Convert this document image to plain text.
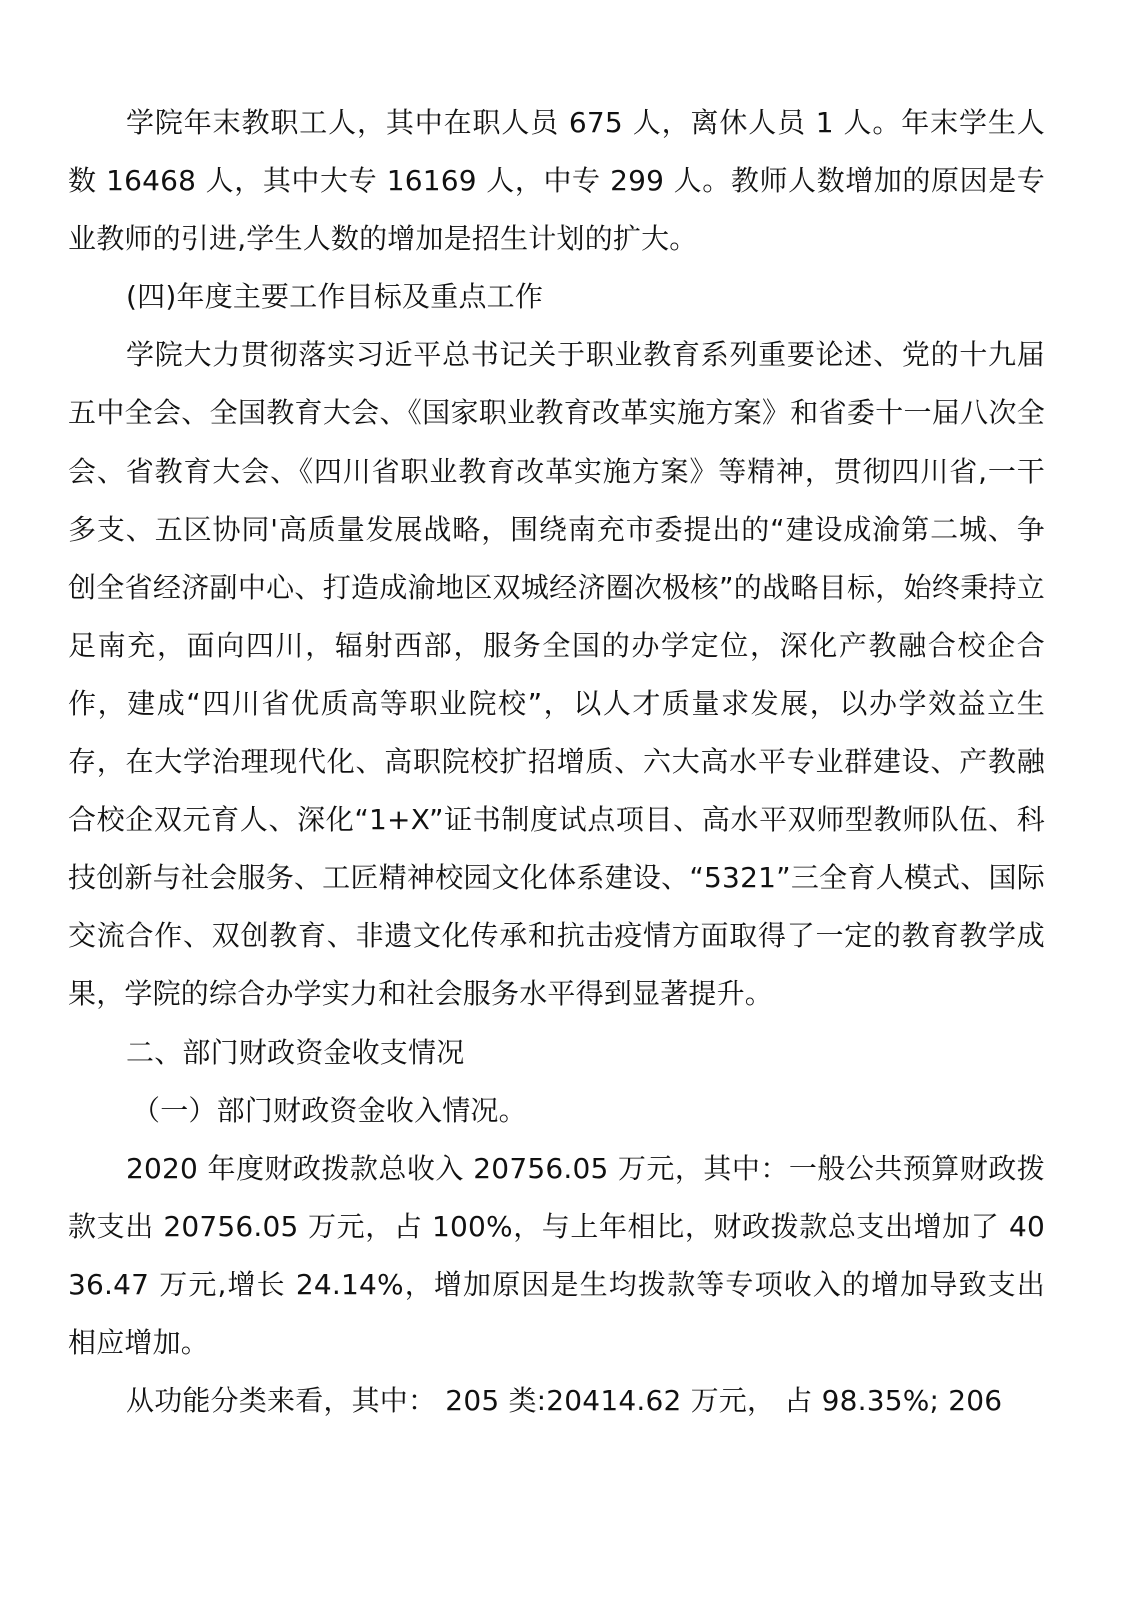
学院年末教职工人，其中在职人员 675 人，离休人员 1 人。年末学生人数 16468 人，其中大专 16169 人，中专 299 人。教师人数增加的原因是专业教师的引进,学生人数的增加是招生计划的扩大。

(四)年度主要工作目标及重点工作

学院大力贯彻落实习近平总书记关于职业教育系列重要论述、党的十九届五中全会、全国教育大会、《国家职业教育改革实施方案》和省委十一届八次全会、省教育大会、《四川省职业教育改革实施方案》等精神，贯彻四川省,一干多支、五区协同'高质量发展战略，围绕南充市委提出的“建设成渝第二城、争创全省经济副中心、打造成渝地区双城经济圈次极核”的战略目标，始终秉持立足南充，面向四川，辐射西部，服务全国的办学定位，深化产教融合校企合作，建成“四川省优质高等职业院校”，以人才质量求发展，以办学效益立生存，在大学治理现代化、高职院校扩招增质、六大高水平专业群建设、产教融合校企双元育人、深化“1+X”证书制度试点项目、高水平双师型教师队伍、科技创新与社会服务、工匠精神校园文化体系建设、“5321”三全育人模式、国际交流合作、双创教育、非遗文化传承和抗击疫情方面取得了一定的教育教学成果，学院的综合办学实力和社会服务水平得到显著提升。

二、部门财政资金收支情况

（一）部门财政资金收入情况。

2020 年度财政拨款总收入 20756.05 万元，其中：一般公共预算财政拨款支出 20756.05 万元，占 100%，与上年相比，财政拨款总支出增加了 4036.47 万元,增长 24.14%，增加原因是生均拨款等专项收入的增加导致支出相应增加。

从功能分类来看，其中： 205 类:20414.62 万元， 占 98.35%; 206
